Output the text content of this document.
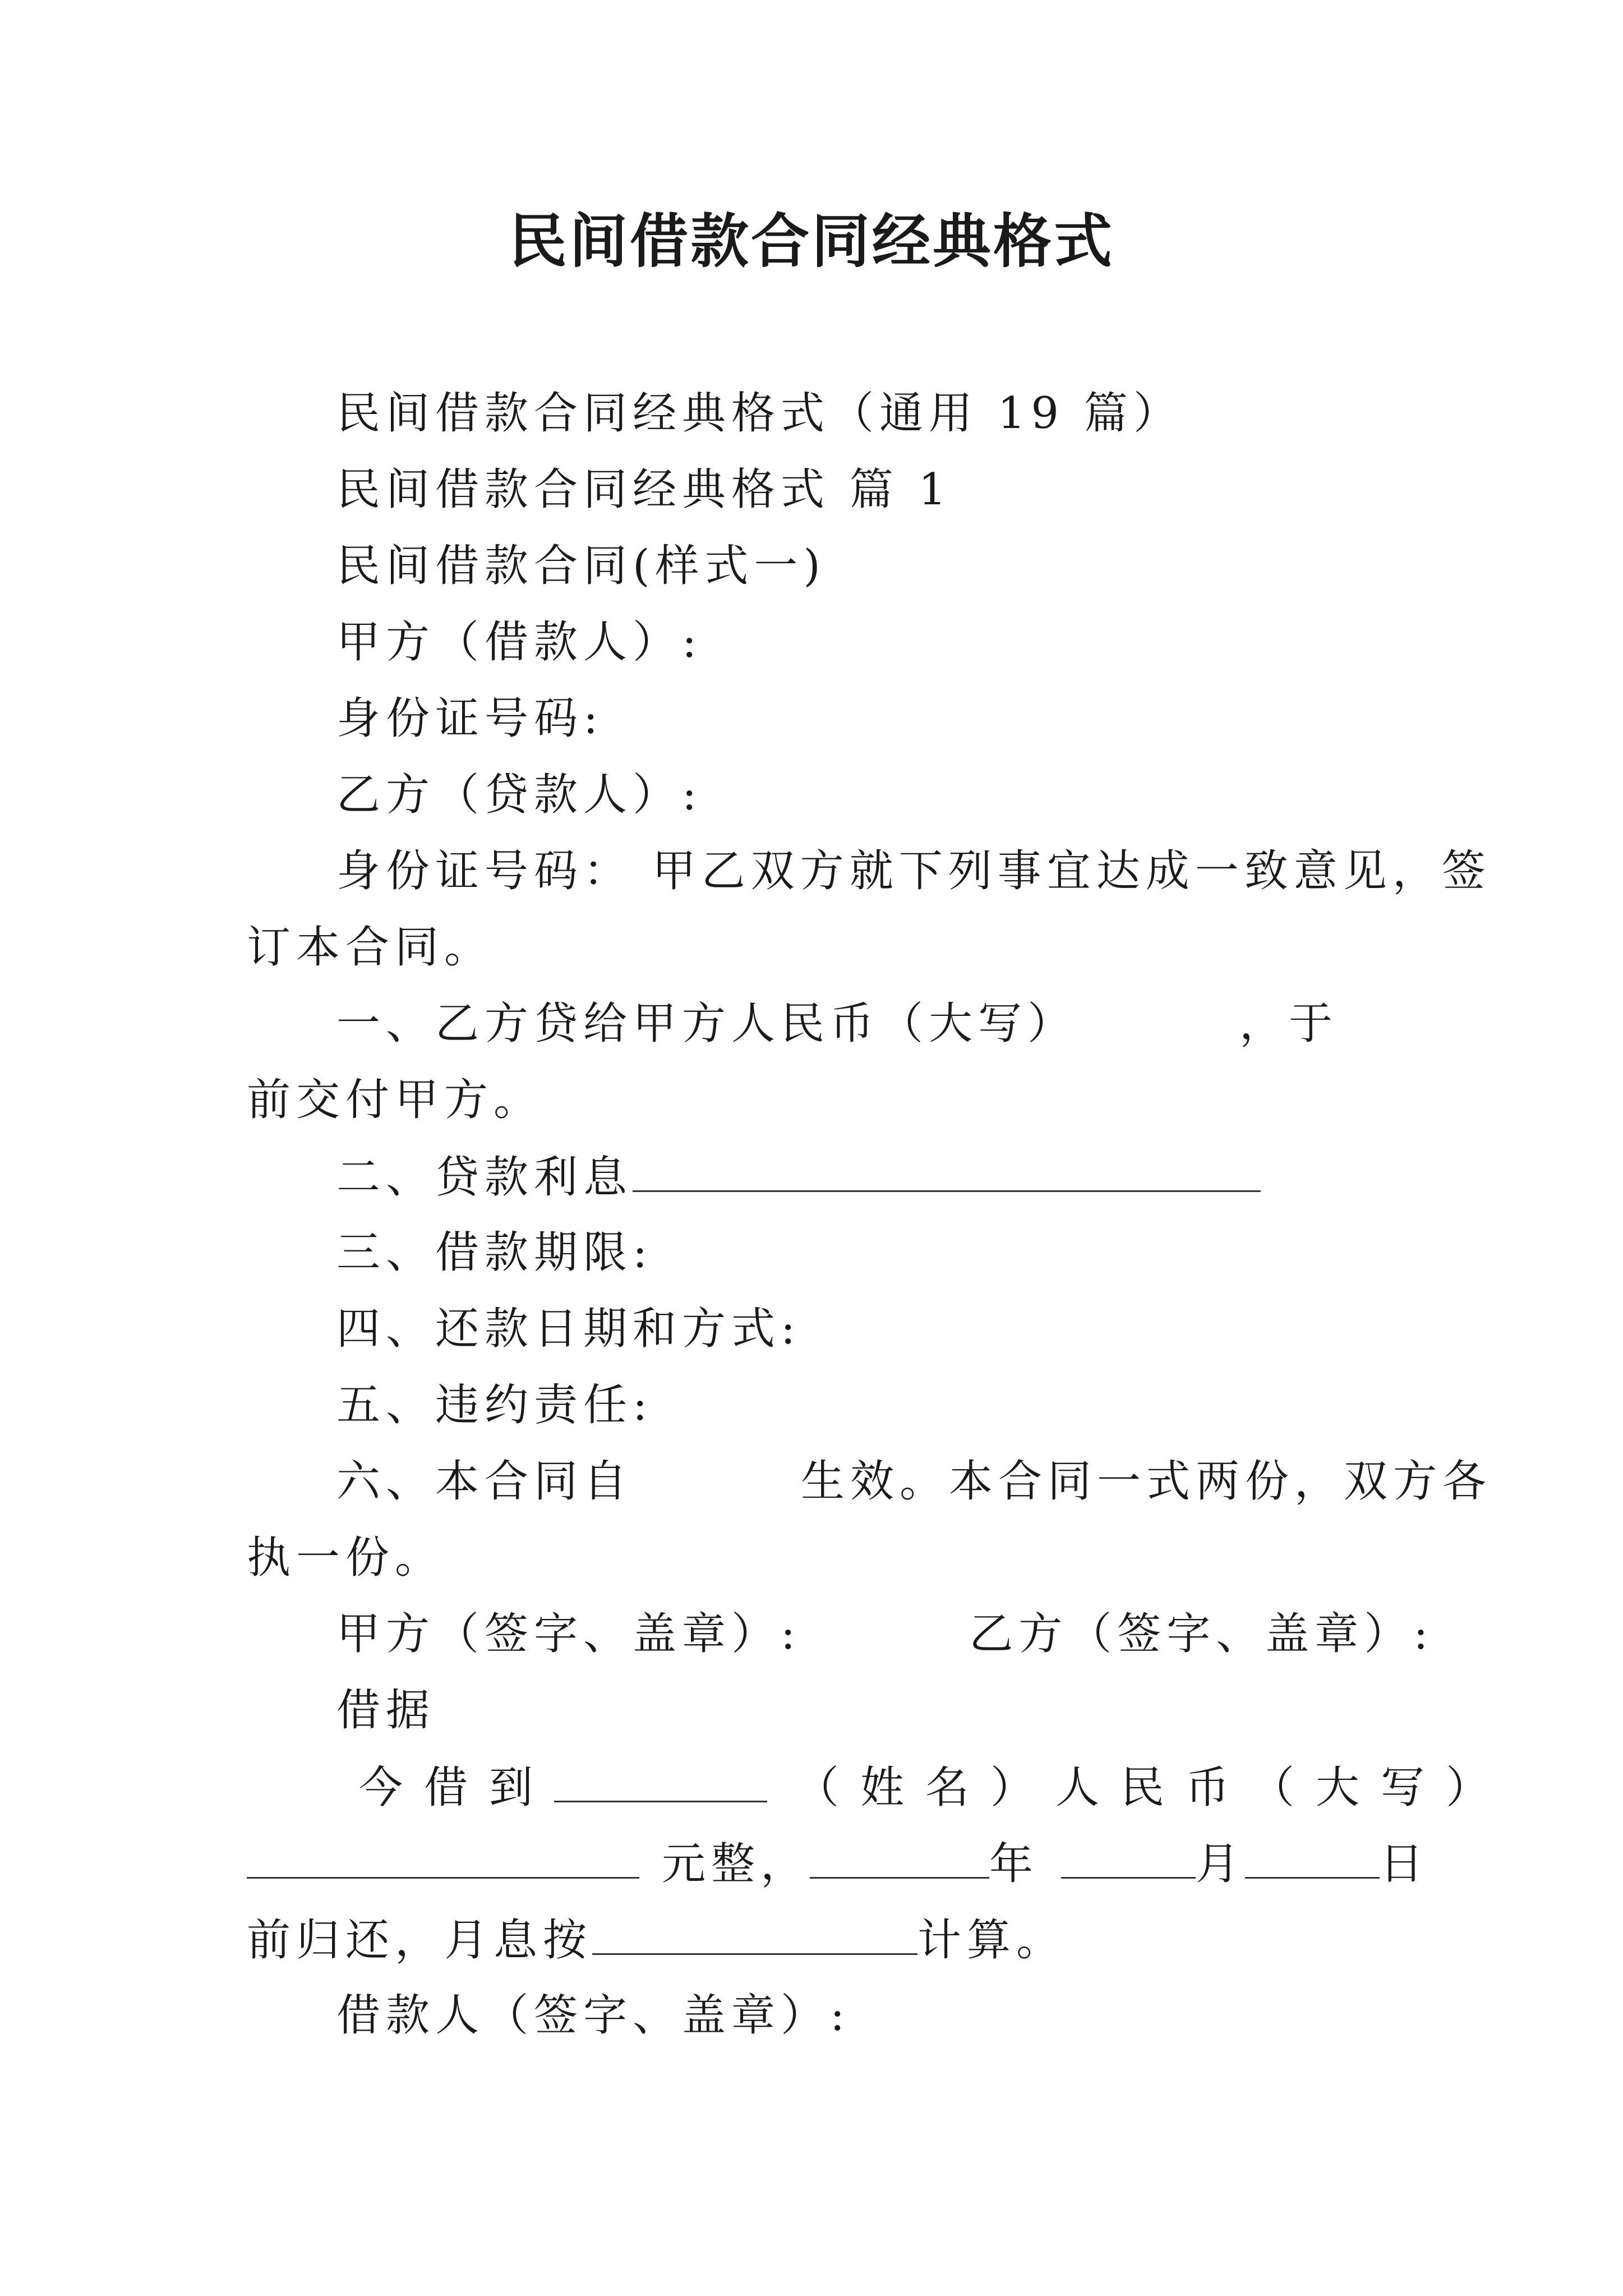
民间借款合同经典格式
民间借款合同经典格式（通用 19 篇）
民间借款合同经典格式 篇 1
民间借款合同(样式一)
甲方（借款人）:
身份证号码:
乙方（贷款人）:
身份证号码： 甲乙双方就下列事宜达成一致意见，签
订本合同。
一、乙方贷给甲方人民币（大写）	，于
前交付甲方。
二、贷款利息
三、借款期限:
四、还款日期和方式:
五、违约责任:
六、本合同自	生效。本合同一式两份，双方各
执一份。
甲方（签字、盖章）:	乙方（签字、盖章）:
借据
今借到	（姓名）人民币（大写）
元整，	年	月	日
前归还，月息按	计算。
借款人（签字、盖章）:
